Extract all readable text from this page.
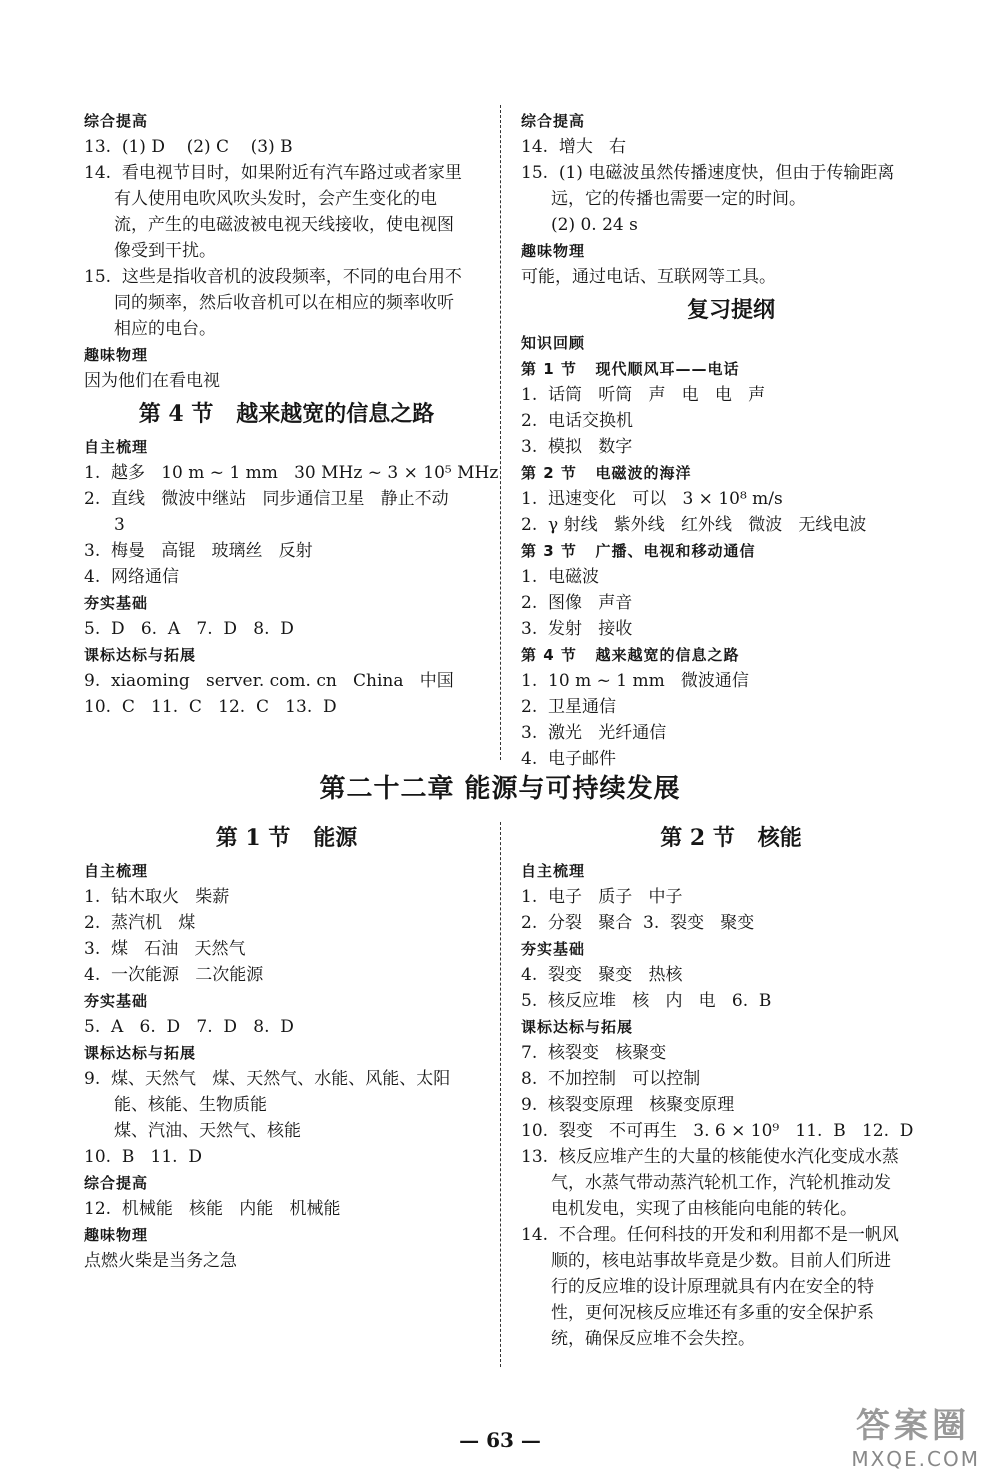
综合提高
13.  (1) D    (2) C    (3) B
14.  看电视节目时，如果附近有汽车路过或者家里
有人使用电吹风吹头发时，会产生变化的电
流，产生的电磁波被电视天线接收，使电视图
像受到干扰。
15.  这些是指收音机的波段频率，不同的电台用不
同的频率，然后收音机可以在相应的频率收听
相应的电台。
趣味物理
因为他们在看电视
第 4 节   越来越宽的信息之路
自主梳理
1.  越多   10 m ~ 1 mm   30 MHz ~ 3 × 10⁵ MHz
2.  直线   微波中继站   同步通信卫星   静止不动
3
3.  梅曼   高锟   玻璃丝   反射
4.  网络通信
夯实基础
5.  D   6.  A   7.  D   8.  D
课标达标与拓展
9.  xiaoming   server. com. cn   China   中国
10.  C   11.  C   12.  C   13.  D
综合提高
14.  增大   右
15.  (1) 电磁波虽然传播速度快，但由于传输距离
远，它的传播也需要一定的时间。
(2) 0. 24 s
趣味物理
可能，通过电话、互联网等工具。
复习提纲
知识回顾
第 1 节   现代顺风耳——电话
1.  话筒   听筒   声   电   电   声
2.  电话交换机
3.  模拟   数字
第 2 节   电磁波的海洋
1.  迅速变化   可以   3 × 10⁸ m/s
2.  γ 射线   紫外线   红外线   微波   无线电波
第 3 节   广播、电视和移动通信
1.  电磁波
2.  图像   声音
3.  发射   接收
第 4 节   越来越宽的信息之路
1.  10 m ~ 1 mm   微波通信
2.  卫星通信
3.  激光   光纤通信
4.  电子邮件
第二十二章 能源与可持续发展
第 1 节   能源
自主梳理
1.  钻木取火   柴薪
2.  蒸汽机   煤
3.  煤   石油   天然气
4.  一次能源   二次能源
夯实基础
5.  A   6.  D   7.  D   8.  D
课标达标与拓展
9.  煤、天然气   煤、天然气、水能、风能、太阳
能、核能、生物质能
煤、汽油、天然气、核能
10.  B   11.  D
综合提高
12.  机械能   核能   内能   机械能
趣味物理
点燃火柴是当务之急
第 2 节   核能
自主梳理
1.  电子   质子   中子
2.  分裂   聚合  3.  裂变   聚变
夯实基础
4.  裂变   聚变   热核
5.  核反应堆   核   内   电   6.  B
课标达标与拓展
7.  核裂变   核聚变
8.  不加控制   可以控制
9.  核裂变原理   核聚变原理
10.  裂变   不可再生   3. 6 × 10⁹   11.  B   12.  D
13.  核反应堆产生的大量的核能使水汽化变成水蒸
气，水蒸气带动蒸汽轮机工作，汽轮机推动发
电机发电，实现了由核能向电能的转化。
14.  不合理。任何科技的开发和利用都不是一帆风
顺的，核电站事故毕竟是少数。目前人们所进
行的反应堆的设计原理就具有内在安全的特
性，更何况核反应堆还有多重的安全保护系
统，确保反应堆不会失控。
— 63 —	答案圈
MXQE.COM
